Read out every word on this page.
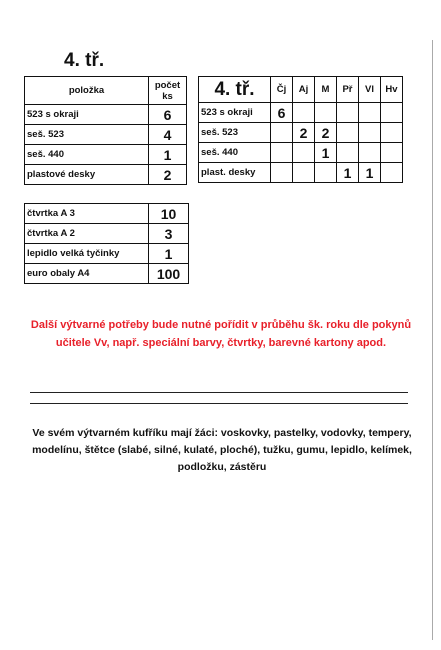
4. tř.
položka	počet ks
523 s okraji	6
seš. 523	4
seš. 440	1
plastové desky	2
4. tř.	Čj	Aj	M	Př	Vl	Hv
523 s okraji	6					
seš. 523		2	2			
seš. 440			1			
plast. desky				1	1	
čtvrtka A 3	10
čtvrtka A 2	3
lepidlo velká tyčinky	1
euro obaly A4	100
Další výtvarné potřeby bude nutné pořídit v průběhu šk. roku dle pokynů učitele Vv, např. speciální barvy, čtvrtky, barevné kartony apod.
Ve svém výtvarném kufříku mají žáci: voskovky, pastelky, vodovky, tempery, modelínu, štětce (slabé, silné, kulaté, ploché), tužku, gumu, lepidlo, kelímek, podložku, zástěru
